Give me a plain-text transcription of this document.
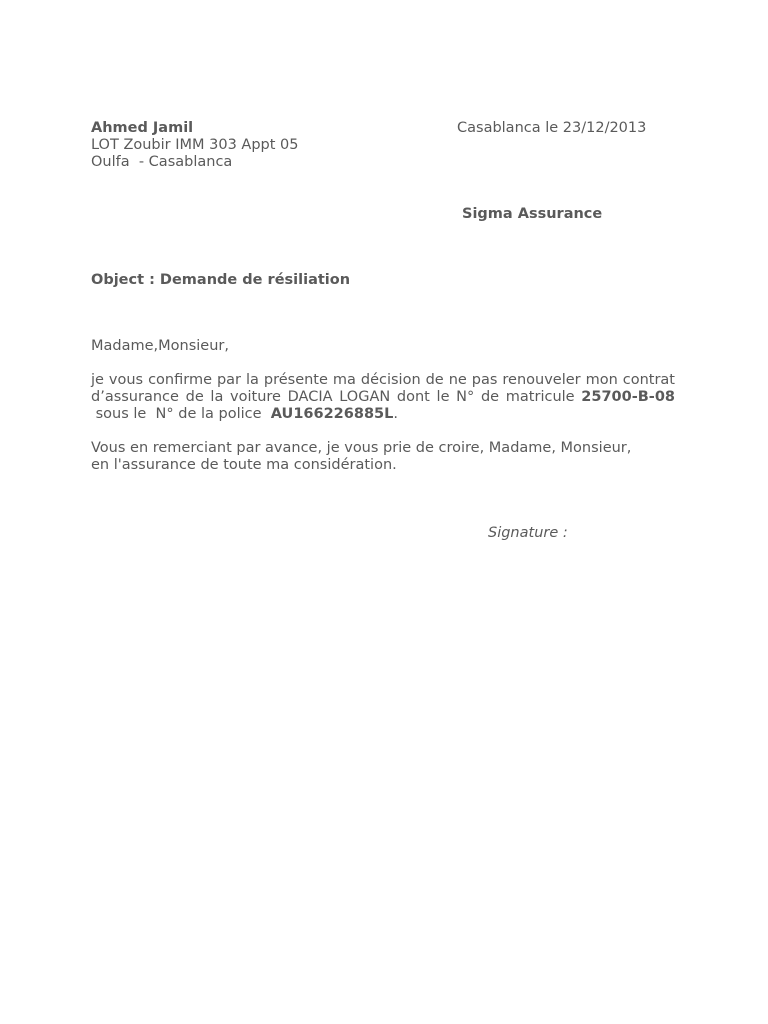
Ahmed Jamil
LOT Zoubir IMM 303 Appt 05
Oulfa  - Casablanca
Casablanca le 23/12/2013
Sigma Assurance
Object : Demande de résiliation
Madame,Monsieur,
je vous confirme par la présente ma décision de ne pas renouveler mon contrat d’assurance de la voiture DACIA LOGAN dont le N° de matricule 25700-B-08 sous le  N° de la police  AU166226885L.
Vous en remerciant par avance, je vous prie de croire, Madame, Monsieur,
en l'assurance de toute ma considération.
Signature :
